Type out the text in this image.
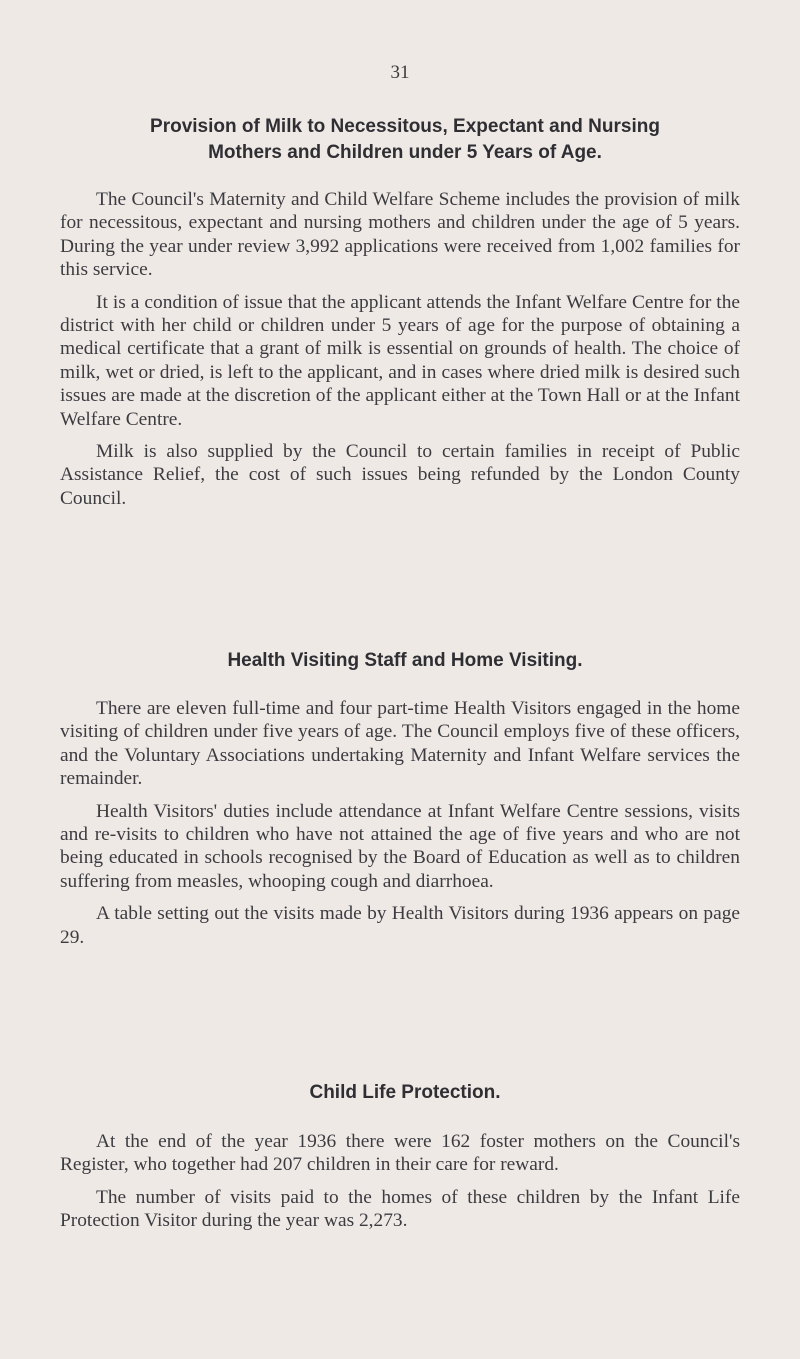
31
Provision of Milk to Necessitous, Expectant and Nursing
Mothers and Children under 5 Years of Age.

The Council's Maternity and Child Welfare Scheme includes the provision of milk for necessitous, expectant and nursing mothers and children under the age of 5 years. During the year under review 3,992 applications were received from 1,002 families for this service.

It is a condition of issue that the applicant attends the Infant Welfare Centre for the district with her child or children under 5 years of age for the purpose of obtaining a medical certificate that a grant of milk is essential on grounds of health. The choice of milk, wet or dried, is left to the applicant, and in cases where dried milk is desired such issues are made at the discretion of the applicant either at the Town Hall or at the Infant Welfare Centre.

Milk is also supplied by the Council to certain families in receipt of Public Assistance Relief, the cost of such issues being refunded by the London County Council.

Health Visiting Staff and Home Visiting.

There are eleven full-time and four part-time Health Visitors engaged in the home visiting of children under five years of age. The Council employs five of these officers, and the Voluntary Associations undertaking Maternity and Infant Welfare services the remainder.

Health Visitors' duties include attendance at Infant Welfare Centre sessions, visits and re-visits to children who have not attained the age of five years and who are not being educated in schools recognised by the Board of Education as well as to children suffering from measles, whooping cough and diarrhoea.

A table setting out the visits made by Health Visitors during 1936 appears on page 29.

Child Life Protection.

At the end of the year 1936 there were 162 foster mothers on the Council's Register, who together had 207 children in their care for reward.

The number of visits paid to the homes of these children by the Infant Life Protection Visitor during the year was 2,273.
